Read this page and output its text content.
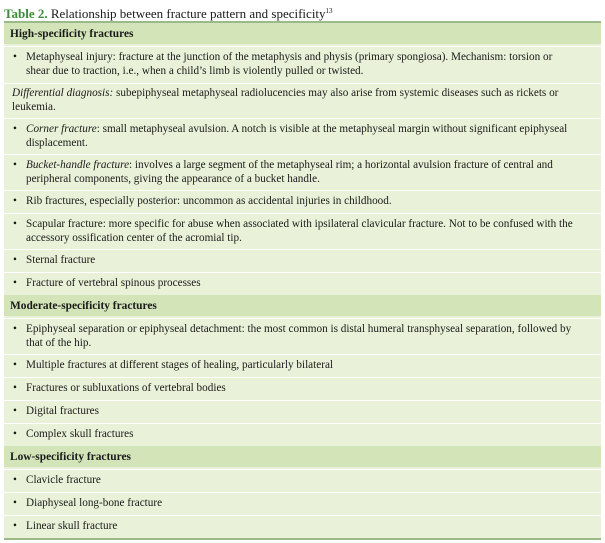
Table 2. Relationship between fracture pattern and specificity$^{13}$
High-specificity fractures
• Metaphyseal injury: fracture at the junction of the metaphysis and physis (primary spongiosa). Mechanism: torsion or shear due to traction, i.e., when a child’s limb is violently pulled or twisted.
Differential diagnosis: subepiphyseal metaphyseal radiolucencies may also arise from systemic diseases such as rickets or leukemia.
• Corner fracture: small metaphyseal avulsion. A notch is visible at the metaphyseal margin without significant epiphyseal displacement.
• Bucket-handle fracture: involves a large segment of the metaphyseal rim; a horizontal avulsion fracture of central and peripheral components, giving the appearance of a bucket handle.
• Rib fractures, especially posterior: uncommon as accidental injuries in childhood.
• Scapular fracture: more specific for abuse when associated with ipsilateral clavicular fracture. Not to be confused with the accessory ossification center of the acromial tip.
• Sternal fracture
• Fracture of vertebral spinous processes
Moderate-specificity fractures
• Epiphyseal separation or epiphyseal detachment: the most common is distal humeral transphyseal separation, followed by that of the hip.
• Multiple fractures at different stages of healing, particularly bilateral
• Fractures or subluxations of vertebral bodies
• Digital fractures
• Complex skull fractures
Low-specificity fractures
• Clavicle fracture
• Diaphyseal long-bone fracture
• Linear skull fracture
